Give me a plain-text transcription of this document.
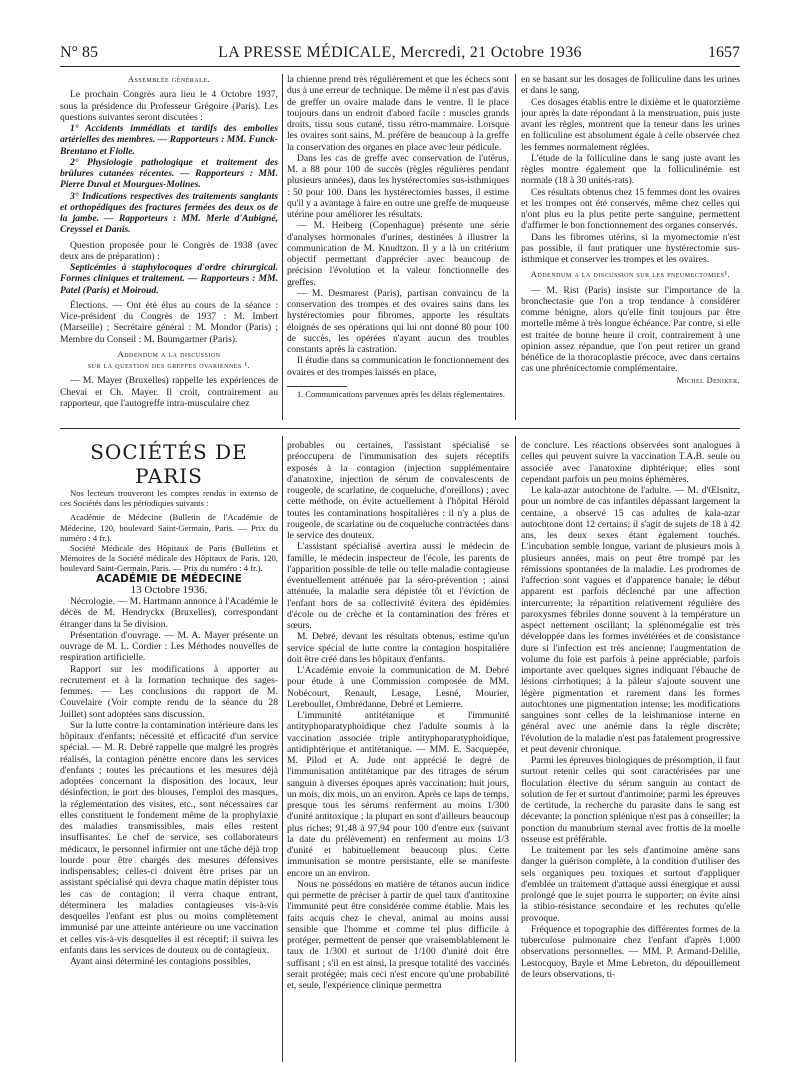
N° 85	LA PRESSE MÉDICALE, Mercredi, 21 Octobre 1936	1657

Assemblée générale.

Le prochain Congrès aura lieu le 4 Octobre 1937, sous la présidence du Professeur Grégoire (Paris). Les questions suivantes seront discutées :

1° Accidents immédiats et tardifs des embolies artérielles des membres. — Rapporteurs : MM. Funck-Brentano et Fiolle.

2° Physiologie pathologique et traitement des brûlures cutanées récentes. — Rapporteurs : MM. Pierre Duval et Mourgues-Molines.

3° Indications respectives des traitements sanglants et orthopédiques des fractures fermées des deux os de la jambe. — Rapporteurs : MM. Merle d'Aubigné, Creyssel et Danis.

Question proposée pour le Congrès de 1938 (avec deux ans de préparation) :

Septicémies à staphylocoques d'ordre chirurgical. Formes cliniques et traitement. — Rapporteurs : MM. Patel (Paris) et Moiroud.

Élections. — Ont été élus au cours de la séance : Vice-président du Congrès de 1937 : M. Imbert (Marseille) ; Secrétaire général : M. Mondor (Paris) ; Membre du Conseil : M. Baumgartner (Paris).

Addendum a la discussion

sur la question des greffes ovariennes ¹.

— M. Mayer (Bruxelles) rappelle les expériences de Chevai et Ch. Mayer. Il croit, contrairement au rapporteur, que l'autogreffe intra-musculaire chez

la chienne prend très régulièrement et que les échecs sont dus à une erreur de technique. De même il n'est pas d'avis de greffer un ovaire malade dans le ventre. Il le place toujours dans un endroit d'abord facile : muscles grands droits, tissu sous cutané, tissu rétro-mammaire. Lorsque les ovaires sont sains, M. préfère de beaucoup à la greffe la conservation des organes en place avec leur pédicule.

Dans les cas de greffe avec conservation de l'utérus, M. a 88 pour 100 de succès (règles régulières pendant plusieurs années), dans les hystérectomies sus-isthmiques : 50 pour 100. Dans les hystérectomies basses, il estime qu'il y a avantage à faire en outre une greffe de muqueuse utérine pour améliorer les résultats.

— M. Heiberg (Copenhague) présente une série d'analyses hormonales d'urines, destinées à illustrer la communication de M. Knudtzon. Il y a là un critérium objectif permettant d'apprécier avec beaucoup de précision l'évolution et la valeur fonctionnelle des greffes.

— M. Desmarest (Paris), partisan convaincu de la conservation des trompes et des ovaires sains dans les hystérectomies pour fibromes, apporte les résultats éloignés de ses opérations qui lui ont donné 80 pour 100 de succès, les opérées n'ayant aucun des troubles constants après la castration.

Il étudie dans sa communication le fonctionnement des ovaires et des trompes laissés en place,

1. Communications parvenues après les délais réglementaires.

en se basant sur les dosages de folliculine dans les urines et dans le sang.

Ces dosages établis entre le dixième et le quatorzième jour après la date répondant à la menstruation, puis juste avant les règles, montrent que la teneur dans les urines en folliculine est absolument égale à celle observée chez les femmes normalement réglées.

L'étude de la folliculine dans le sang juste avant les règles montre également que la folliculinémie est normale (18 à 30 unités-rats).

Ces résultats obtenus chez 15 femmes dont les ovaires et les trompes ont été conservés, même chez celles qui n'ont plus eu la plus petite perte sanguine, permettent d'affirmer le bon fonctionnement des organes conservés.

Dans les fibromes utérins, si la myomectomie n'est pas possible, il faut pratiquer une hystérectomie sus-isthmique et conserver les trompes et les ovaires.

Addendum a la discussion sur les pneumectomies¹.

— M. Rist (Paris) insiste sur l'importance de la bronchectasie que l'on a trop tendance à considérer comme bénigne, alors qu'elle finit toujours par être mortelle même à très longue échéance. Par contre, si elle est traitée de bonne heure il croit, contrairement à une opinion assez répandue, que l'on peut retirer un grand bénéfice de la thoracoplastie précoce, avec dans certains cas une phrénicectomie complémentaire.

Michel Deniker.

SOCIÉTÉS DE PARIS

Nos lecteurs trouveront les comptes rendus in extenso de ces Sociétés dans les périodiques suivants :

Académie de Médecine (Bulletin de l'Académie de Médecine, 120, boulevard Saint-Germain, Paris. — Prix du numéro : 4 fr.).

Société Médicale des Hôpitaux de Paris (Bulletins et Mémoires de la Société médicale des Hôpitaux de Paris, 120, boulevard Saint-Germain, Paris. — Prix du numéro : 4 fr.).

ACADÉMIE DE MÉDECINE

13 Octobre 1936.

Nécrologie. — M. Hartmann annonce à l'Académie le décès de M. Hendryckx (Bruxelles), correspondant étranger dans la 5e division.

Présentation d'ouvrage. — M. A. Mayer présente un ouvrage de M. L. Cordier : Les Méthodes nouvelles de respiration artificielle.

Rapport sur les modifications à apporter au recrutement et à la formation technique des sages-femmes. — Les conclusions du rapport de M. Couvelaire (Voir compte rendu de la séance du 28 Juillet) sont adoptées sans discussion.

Sur la lutte contre la contamination intérieure dans les hôpitaux d'enfants; nécessité et efficacité d'un service spécial. — M. R. Debré rappelle que malgré les progrès réalisés, la contagion pénètre encore dans les services d'enfants ; toutes les précautions et les mesures déjà adoptées concernant la disposition des locaux, leur désinfection, le port des blouses, l'emploi des masques, la réglementation des visites, etc., sont nécessaires car elles constituent le fondement même de la prophylaxie des maladies transmissibles, mais elles restent insuffisantes. Le chef de service, ses collaborateurs médicaux, le personnel infirmier ont une tâche déjà trop lourde pour être chargés des mesures défensives indispensables; celles-ci doivent être prises par un assistant spécialisé qui devra chaque matin dépister tous les cas de contagion; il verra chaque entrant, déterminera les maladies contagieuses vis-à-vis desquelles l'enfant est plus ou moins complètement immunisé par une atteinte antérieure ou une vaccination et celles vis-à-vis desquelles il est réceptif; il suivra les enfants dans les services de douteux ou de contagieux.

Ayant ainsi déterminé les contagions possibles,

probables ou certaines, l'assistant spécialisé se préoccupera de l'immunisation des sujets réceptifs exposés à la contagion (injection supplémentaire d'anatoxine, injection de sérum de convalescents de rougeole, de scarlatine, de coqueluche, d'oreillons) ; avec cette méthode, on évite actuellement à l'hôpital Hérold toutes les contaminations hospitalières : il n'y a plus de rougeole, de scarlatine ou de coqueluche contractées dans le service des douteux.

L'assistant spécialisé avertira aussi le médecin de famille, le médecin inspecteur de l'école, les parents de l'apparition possible de telle ou telle maladie contagieuse éventuellement atténuée par la séro-prévention ; ainsi atténuée, la maladie sera dépistée tôt et l'éviction de l'enfant hors de sa collectivité évitera des épidémies d'école ou de crèche et la contamination des frères et sœurs.

M. Debré, devant les résultats obtenus, estime qu'un service spécial de lutte contre la contagion hospitalière doit être créé dans les hôpitaux d'enfants.

L'Académie envoie la communication de M. Debré pour étude à une Commission composée de MM. Nobécourt, Renault, Lesage, Lesné, Mourier, Lereboullet, Ombrédanne, Debré et Lemierre.

L'immunité antitétanique et l'immunité antityphoparatyphoïdique chez l'adulte soumis à la vaccination associée triple antityphoparatyphoïdique, antidiphtérique et antitétanique. — MM. E. Sacquepée, M. Pilod et A. Jude ont apprécié le degré de l'immunisation antitétanique par des titrages de sérum sanguin à diverses époques après vaccination; huit jours, un mois, dix mois, un an environ. Après ce laps de temps, presque tous les sérums renferment au moins 1/300 d'unité antitoxique ; la plupart en sont d'ailleurs beaucoup plus riches; 91,48 à 97,94 pour 100 d'entre eux (suivant la date du prélèvement) en renferment au moins 1/3 d'unité et habituellement beaucoup plus. Cette immunisation se montre persistante, elle se manifeste encore un an environ.

Nous ne possédons en matière de tétanos aucun indice qui permette de préciser à partir de quel taux d'antitoxine l'immunité peut être considérée comme établie. Mais les faits acquis chez le cheval, animal au moins aussi sensible que l'homme et comme tel plus difficile à protéger, permettent de penser que vraisemblablement le taux de 1/300 et surtout de 1/100 d'unité doit être suffisant ; s'il en est ainsi, la presque totalité des vaccinés serait protégée; mais ceci n'est encore qu'une probabilité et, seule, l'expérience clinique permettra

de conclure. Les réactions observées sont analogues à celles qui peuvent suivre la vaccination T.A.B. seule ou associée avec l'anatoxine diphtérique; elles sont cependant parfois un peu moins éphémères.

Le kala-azar autochtone de l'adulte. — M. d'Œlsnitz, pour un nombre de cas infantiles dépassant largement la centaine, a observé 15 cas adultes de kala-azar autochtone dont 12 certains; il s'agit de sujets de 18 à 42 ans, les deux sexes étant également touchés. L'incubation semble longue, variant de plusieurs mois à plusieurs années, mais on peut être trompé par les rémissions spontanées de la maladie. Les prodromes de l'affection sont vagues et d'apparence banale; le début apparent est parfois déclenché par une affection intercurrente; la répartition relativement régulière des paroxysmes fébriles donne souvent à la température un aspect nettement oscillant; la splénomégalie est très développée dans les formes invétérées et de consistance dure si l'infection est très ancienne; l'augmentation de volume du foie est parfois à peine appréciable, parfois importante avec quelques signes indiquant l'ébauche de lésions cirrhotiques; à la pâleur s'ajoute souvent une légère pigmentation et rarement dans les formes autochtones une pigmentation intense; les modifications sanguines sont celles de la leishmaniose interne en général avec une anémie dans la règle discrète; l'évolution de la maladie n'est pas fatalement progressive et peut devenir chronique.

Parmi les épreuves biologiques de présomption, il faut surtout retenir celles qui sont caractérisées par une floculation élective du sérum sanguin au contact de solution de fer et surtout d'antimoine; parmi les épreuves de certitude, la recherche du parasite dans le sang est décevante; la ponction splénique n'est pas à conseiller; la ponction du manubrium sternal avec frottis de la moelle osseuse est préférable.

Le traitement par les sels d'antimoine amène sans danger la guérison complète, à la condition d'utiliser des sels organiques peu toxiques et surtout d'appliquer d'emblée un traitement d'attaque aussi énergique et aussi prolongé que le sujet pourra le supporter; on évite ainsi la stibio-résistance secondaire et les rechutes qu'elle provoque.

Fréquence et topographie des différentes formes de la tuberculose pulmonaire chez l'enfant d'après 1.000 observations personnelles. — MM. P. Armand-Delille, Lestocquoy, Bayle et Mme Lebreton, du dépouillement de leurs observations, ti-
